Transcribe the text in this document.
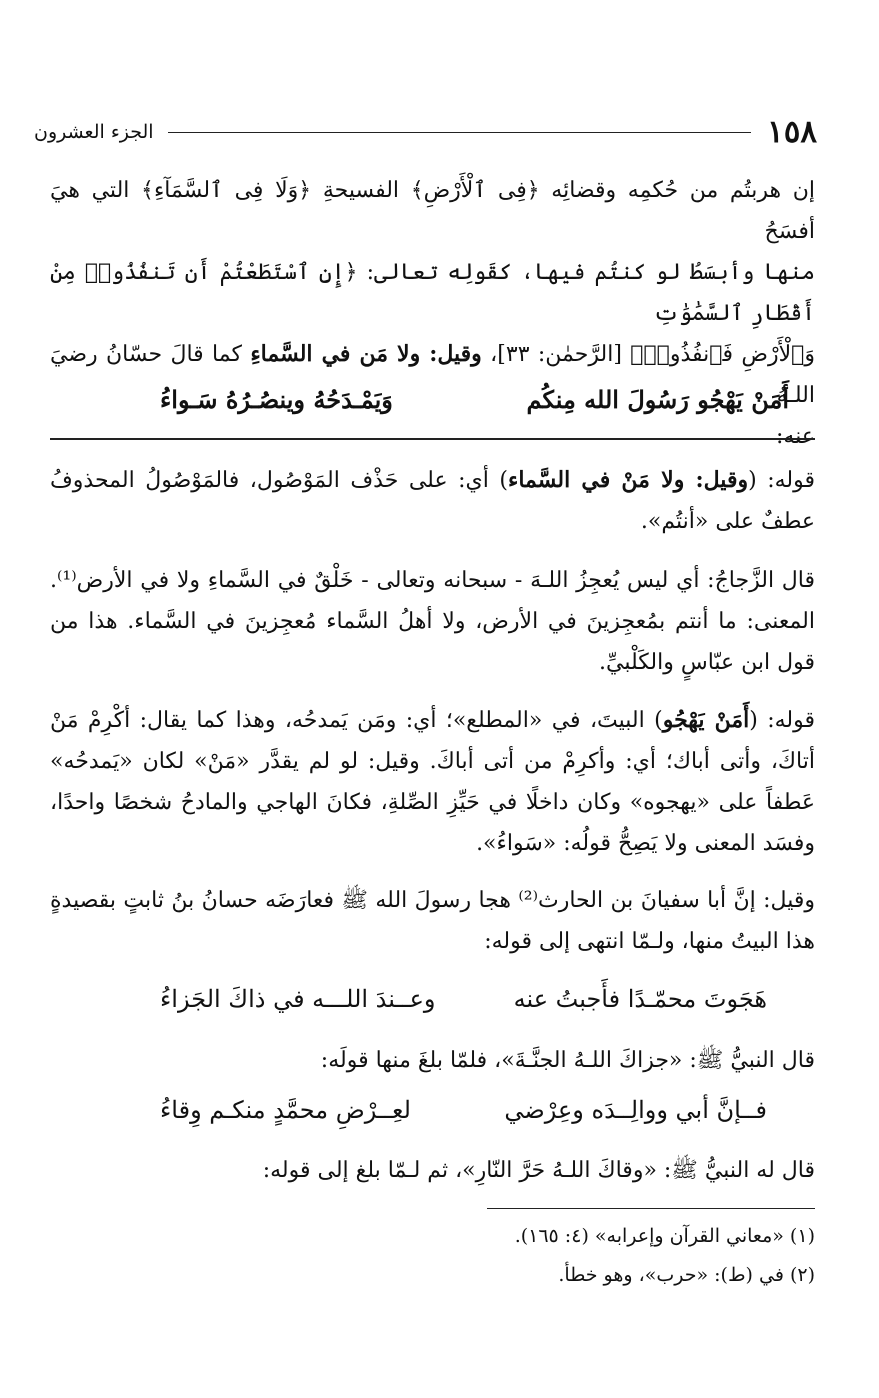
١٥٨
الجزء العشرون

إن هربتُم من حُكمِه وقضائِه ﴿فِى ٱلْأَرْضِ﴾ الفسيحةِ ﴿وَلَا فِى ٱلسَّمَآءِ﴾ التي هيَ أفسَحُ

منها وأبسَطُ لو كنتُم فيها، كقَولِه تعالى: ﴿إِنِ ٱسْتَطَعْتُمْ أَن تَنفُذُوا۟ مِنْ أَقْطَارِ ٱلسَّمَٰوَٰتِ

وَٱلْأَرْضِ فَٱنفُذُوا۟﴾ [الرَّحمٰن: ٣٣]، وقيل: ولا مَن في السَّماءِ كما قالَ حسّانُ رضيَ اللـهُ

عنه:

أَمَنْ يَهْجُو رَسُولَ الله مِنكُم
وَيَمْـدَحُهُ وينصُـرُهُ سَـواءُ

قوله: (وقيل: ولا مَنْ في السَّماء) أي: على حَذْف المَوْصُول، فالمَوْصُولُ المحذوفُ عطفٌ على «أنتُم».

قال الزَّجاجُ: أي ليس يُعجِزُ اللـهَ - سبحانه وتعالى - خَلْقٌ في السَّماءِ ولا في الأرض⁽¹⁾. المعنى: ما أنتم بمُعجِزينَ في الأرض، ولا أهلُ السَّماء مُعجِزينَ في السَّماء. هذا من قول ابن عبّاسٍ والكَلْبيِّ.

قوله: (أَمَنْ يَهْجُو) البيتَ، في «المطلع»؛ أي: ومَن يَمدحُه، وهذا كما يقال: أكْرِمْ مَنْ أتاكَ، وأتى أباك؛ أي: وأكرِمْ من أتى أباكَ. وقيل: لو لم يقدَّر «مَنْ» لكان «يَمدحُه» عَطفاً على «يهجوه» وكان داخلًا في حَيِّزِ الصِّلةِ، فكانَ الهاجي والمادحُ شخصًا واحدًا، وفسَد المعنى ولا يَصِحُّ قولُه: «سَواءُ».

وقيل: إنَّ أبا سفيانَ بن الحارث⁽²⁾ هجا رسولَ الله ﷺ فعارَضَه حسانُ بنُ ثابتٍ بقصيدةٍ هذا البيتُ منها، ولـمّا انتهى إلى قوله:

هَجَوتَ محمّـدًا فأَجبتُ عنه
وعــندَ اللـــه في ذاكَ الجَزاءُ

قال النبيُّ ﷺ: «جزاكَ اللـهُ الجنَّـةَ»، فلمّا بلغَ منها قولَه:

فــإنَّ أبي ووالِــدَه وعِرْضي
لعِــرْضِ محمَّدٍ منكـم وِقاءُ

قال له النبيُّ ﷺ: «وقاكَ اللـهُ حَرَّ النّارِ»، ثم لـمّا بلغ إلى قوله:

(١) «معاني القرآن وإعرابه» (٤: ١٦٥).
(٢) في (ط): «حرب»، وهو خطأ.
